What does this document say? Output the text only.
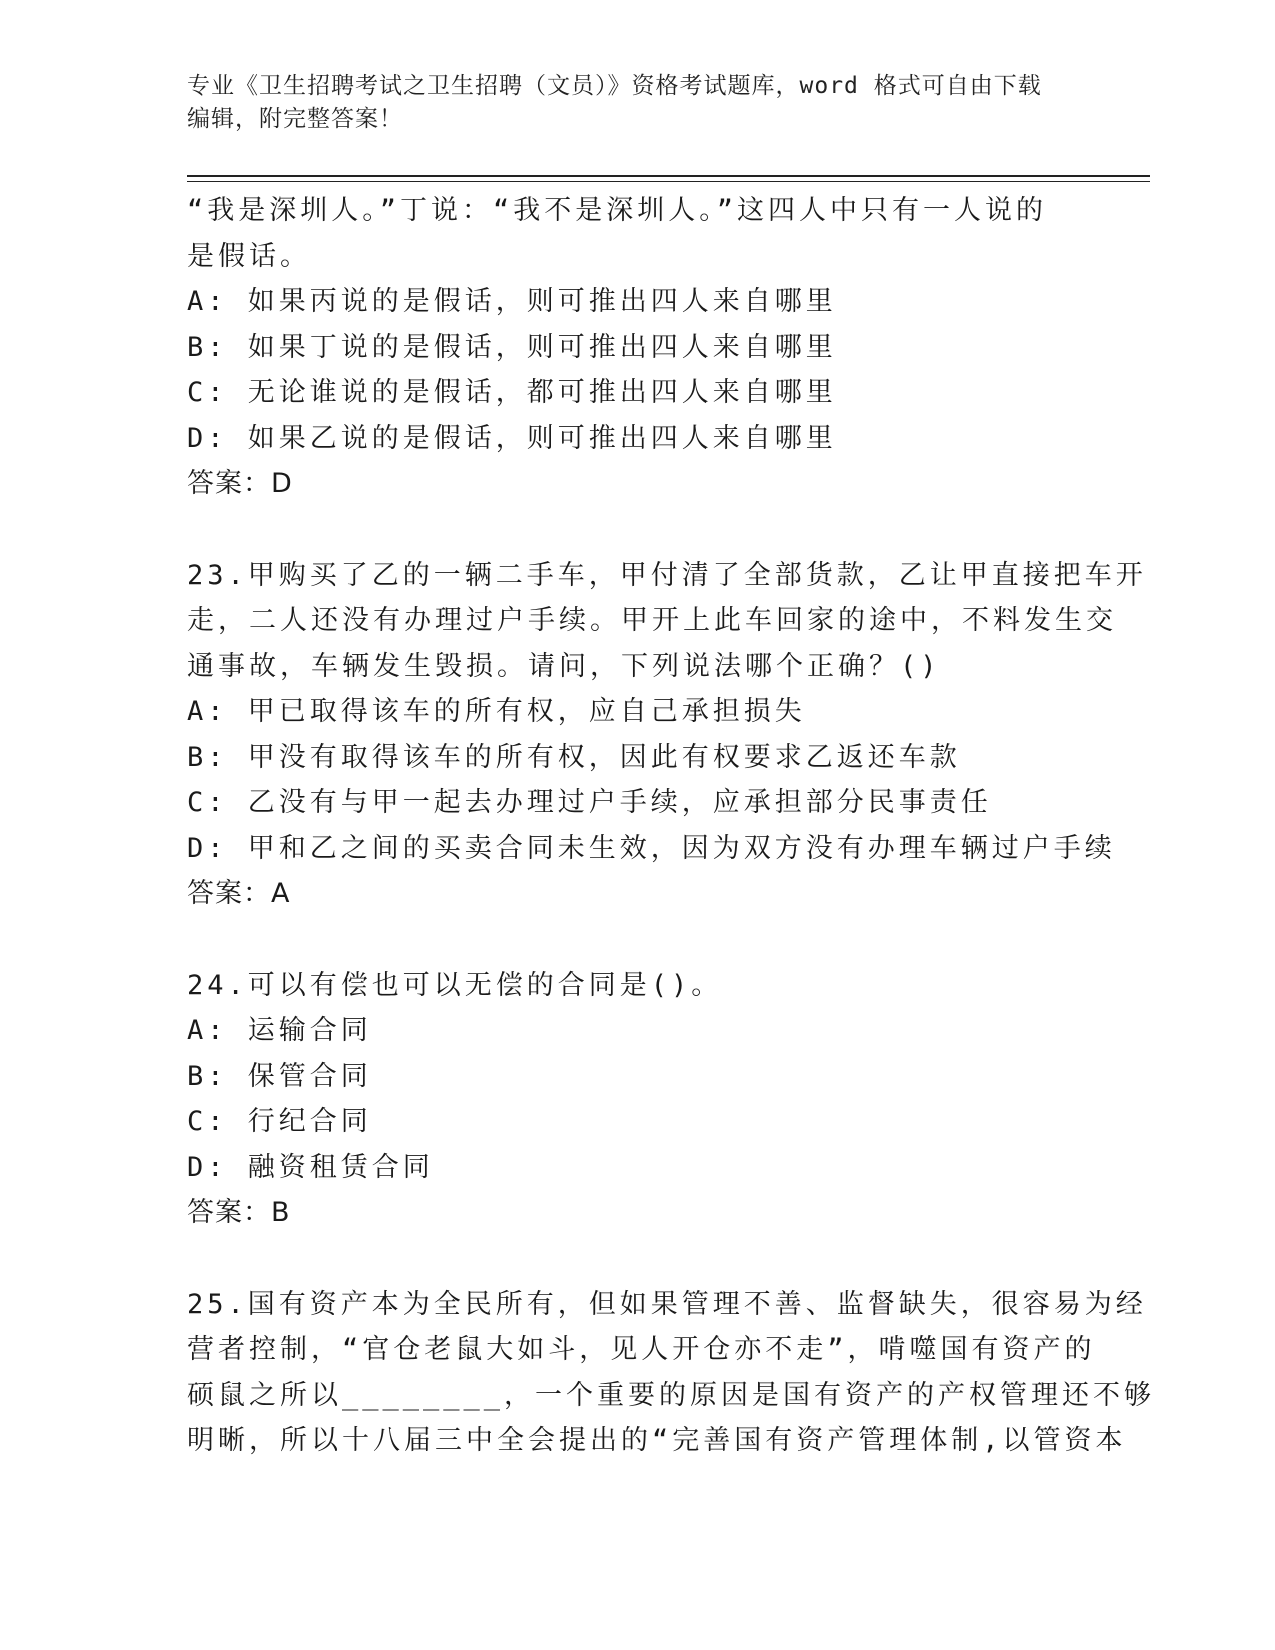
专业《卫生招聘考试之卫生招聘（文员）》资格考试题库，word 格式可自由下载
编辑，附完整答案！
“我是深圳人。”丁说：“我不是深圳人。”这四人中只有一人说的
是假话。
A: 如果丙说的是假话，则可推出四人来自哪里
B: 如果丁说的是假话，则可推出四人来自哪里
C: 无论谁说的是假话，都可推出四人来自哪里
D: 如果乙说的是假话，则可推出四人来自哪里
答案：D
23.甲购买了乙的一辆二手车，甲付清了全部货款，乙让甲直接把车开
走，二人还没有办理过户手续。甲开上此车回家的途中，不料发生交
通事故，车辆发生毁损。请问，下列说法哪个正确？()
A: 甲已取得该车的所有权，应自己承担损失
B: 甲没有取得该车的所有权，因此有权要求乙返还车款
C: 乙没有与甲一起去办理过户手续，应承担部分民事责任
D: 甲和乙之间的买卖合同未生效，因为双方没有办理车辆过户手续
答案：A
24.可以有偿也可以无偿的合同是()。
A: 运输合同
B: 保管合同
C: 行纪合同
D: 融资租赁合同
答案：B
25.国有资产本为全民所有，但如果管理不善、监督缺失，很容易为经
营者控制，“官仓老鼠大如斗，见人开仓亦不走”，啃噬国有资产的
硕鼠之所以________，一个重要的原因是国有资产的产权管理还不够
明晰，所以十八届三中全会提出的“完善国有资产管理体制,以管资本
